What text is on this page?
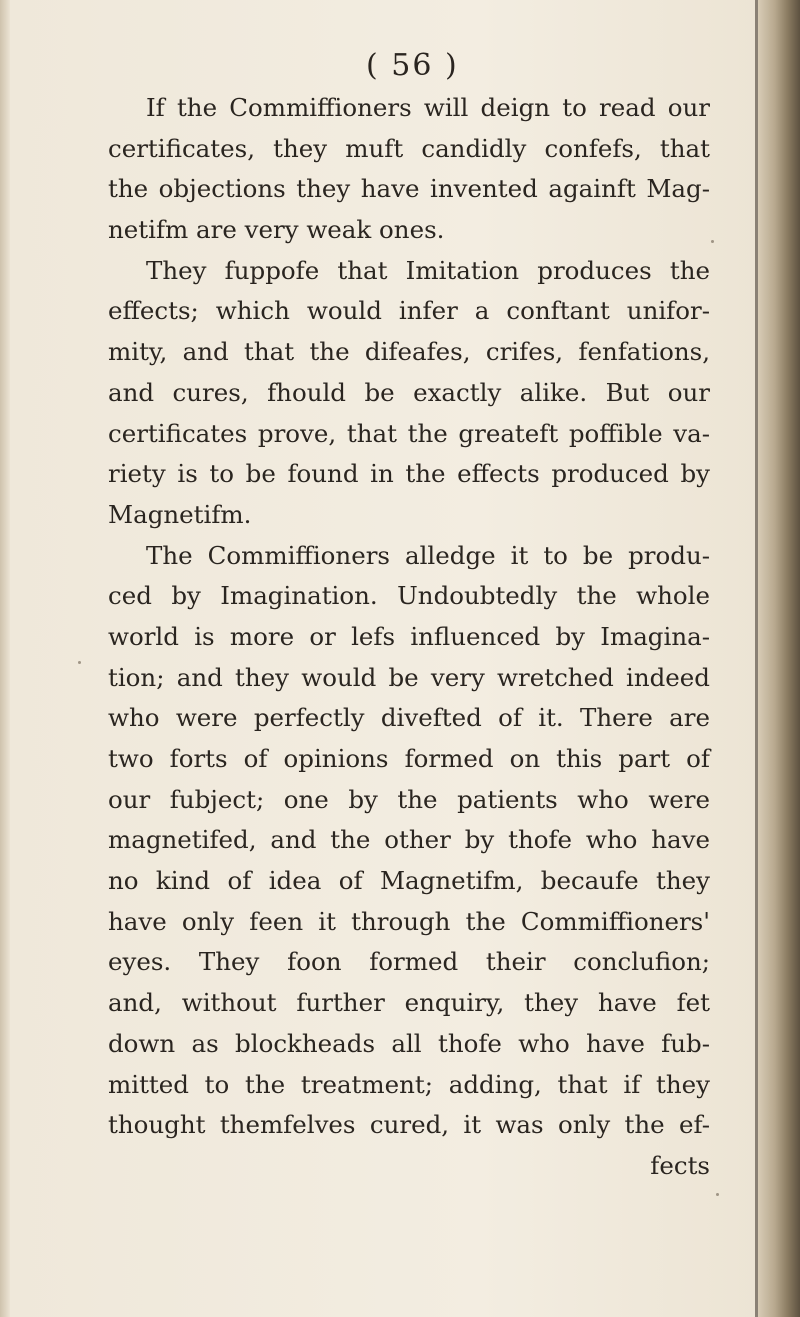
( 56 )
If the Commiffioners will deign to read our
certificates, they muft candidly confefs, that
the objections they have invented againft Mag-
netifm are very weak ones.
They fuppofe that Imitation produces the
effects; which would infer a conftant unifor-
mity, and that the difeafes, crifes, fenfations,
and cures, fhould be exactly alike. But our
certificates prove, that the greateft poffible va-
riety is to be found in the effects produced by
Magnetifm.
The Commiffioners alledge it to be produ-
ced by Imagination. Undoubtedly the whole
world is more or lefs influenced by Imagina-
tion; and they would be very wretched indeed
who were perfectly divefted of it. There are
two forts of opinions formed on this part of
our fubject; one by the patients who were
magnetifed, and the other by thofe who have
no kind of idea of Magnetifm, becaufe they
have only feen it through the Commiffioners'
eyes. They foon formed their conclufion;
and, without further enquiry, they have fet
down as blockheads all thofe who have fub-
mitted to the treatment; adding, that if they
thought themfelves cured, it was only the ef-
fects
